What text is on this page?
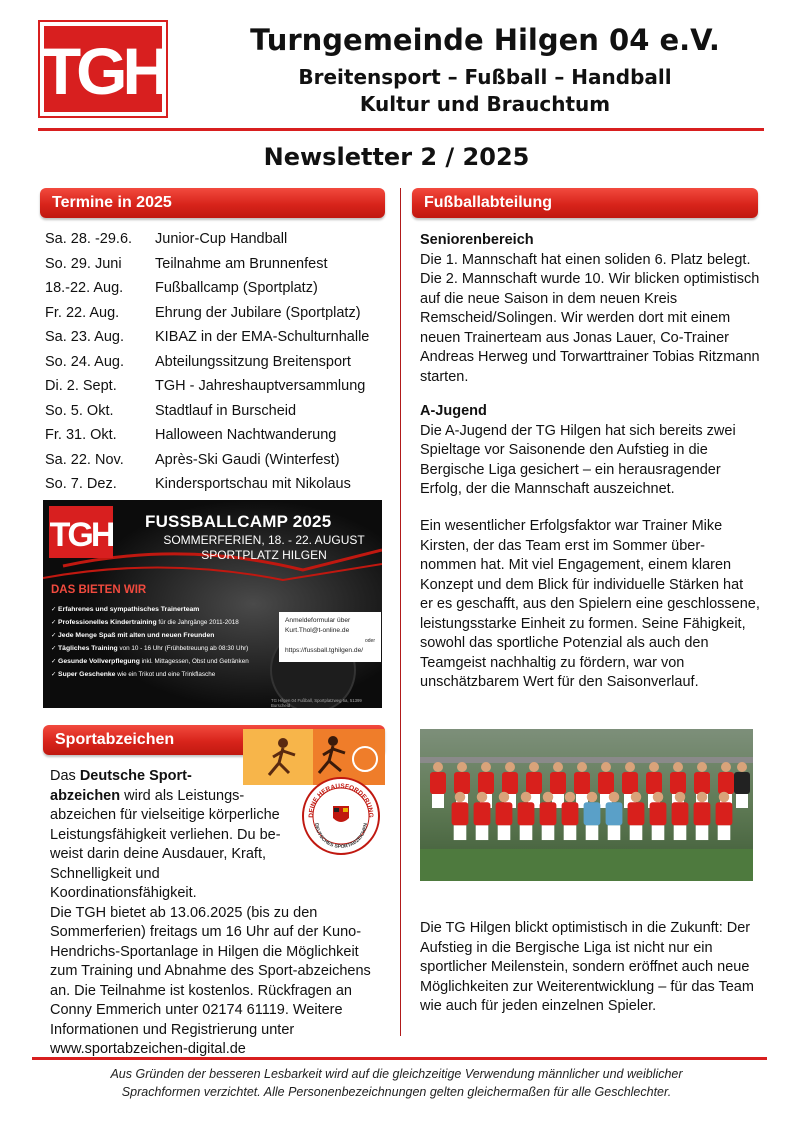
TGH	Turngemeinde Hilgen 04 e.V.
Breitensport – Fußball – Handball
Kultur und Brauchtum
Newsletter 2 / 2025
Termine in 2025
Sa. 28. -29.6. Junior-Cup Handball
So. 29. Juni Teilnahme am Brunnenfest
18.-22. Aug. Fußballcamp (Sportplatz)
Fr. 22. Aug. Ehrung der Jubilare (Sportplatz)
Sa. 23. Aug. KIBAZ in der EMA-Schulturnhalle
So. 24. Aug. Abteilungssitzung Breitensport
Di. 2. Sept.	TGH - Jahreshauptversammlung
So. 5. Okt.	Stadtlauf in Burscheid
Fr. 31. Okt.	Halloween Nachtwanderung
Sa. 22. Nov. Après-Ski Gaudi (Winterfest)
So. 7. Dez.	Kindersportschau mit Nikolaus
TGH FUSSBALLCAMP 2025
SOMMERFERIEN, 18. - 22. AUGUST
SPORTPLATZ HILGEN
DAS BIETEN WIR
✓ Erfahrenes und sympathisches Trainerteam
✓ Professionelles Kindertraining für die Jahrgänge 2011-2018
✓ Jede Menge Spaß mit alten und neuen Freunden
✓ Tägliches Training von 10 - 16 Uhr (Frühbetreuung ab 08:30 Uhr)
✓ Gesunde Vollverpflegung inkl. Mittagessen, Obst und Getränken
✓ Super Geschenke wie ein Trikot und eine Trinkflasche
Anmeldeformular über
Kurt.Thol@t-online.de
oder
https://fussball.tghilgen.de/
TG Hilgen 04 Fußball, Sportplatzweg 6a, 51399 Burscheid
Sportabzeichen
DEINE HERAUSFORDERUNG
DEUTSCHES SPORTABZEICHEN
Das Deutsche Sport-
abzeichen wird als Leistungs-
abzeichen für vielseitige körperliche Leistungsfähigkeit verliehen. Du be-weist darin deine Ausdauer, Kraft, Schnelligkeit und Koordinationsfähigkeit.
Die TGH bietet ab 13.06.2025 (bis zu den Sommerferien) freitags um 16 Uhr auf der Kuno-Hendrichs-Sportanlage in Hilgen die Möglichkeit zum Training und Abnahme des Sport-abzeichens an. Die Teilnahme ist kostenlos. Rückfragen an Conny Emmerich unter 02174 61119. Weitere Informationen und Registrierung unter www.sportabzeichen-digital.de
Fußballabteilung
Seniorenbereich
Die 1. Mannschaft hat einen soliden 6. Platz belegt. Die 2. Mannschaft wurde 10. Wir blicken optimistisch auf die neue Saison in dem neuen Kreis Remscheid/Solingen. Wir werden dort mit einem neuen Trainerteam aus Jonas Lauer, Co-Trainer Andreas Herweg und Torwarttrainer Tobias Ritzmann starten.
A-Jugend
Die A-Jugend der TG Hilgen hat sich bereits zwei Spieltage vor Saisonende den Aufstieg in die Bergische Liga gesichert – ein herausragender Erfolg, der die Mannschaft auszeichnet.
Ein wesentlicher Erfolgsfaktor war Trainer Mike Kirsten, der das Team erst im Sommer über-nommen hat. Mit viel Engagement, einem klaren Konzept und dem Blick für individuelle Stärken hat er es geschafft, aus den Spielern eine geschlossene, leistungsstarke Einheit zu formen. Seine Fähigkeit, sowohl das sportliche Potenzial als auch den Teamgeist nachhaltig zu fördern, war von unschätzbarem Wert für den Saisonverlauf.
Die TG Hilgen blickt optimistisch in die Zukunft: Der Aufstieg in die Bergische Liga ist nicht nur ein sportlicher Meilenstein, sondern eröffnet auch neue Möglichkeiten zur Weiterentwicklung – für das Team wie auch für jeden einzelnen Spieler.
Aus Gründen der besseren Lesbarkeit wird auf die gleichzeitige Verwendung männlicher und weiblicher
Sprachformen verzichtet. Alle Personenbezeichnungen gelten gleichermaßen für alle Geschlechter.
